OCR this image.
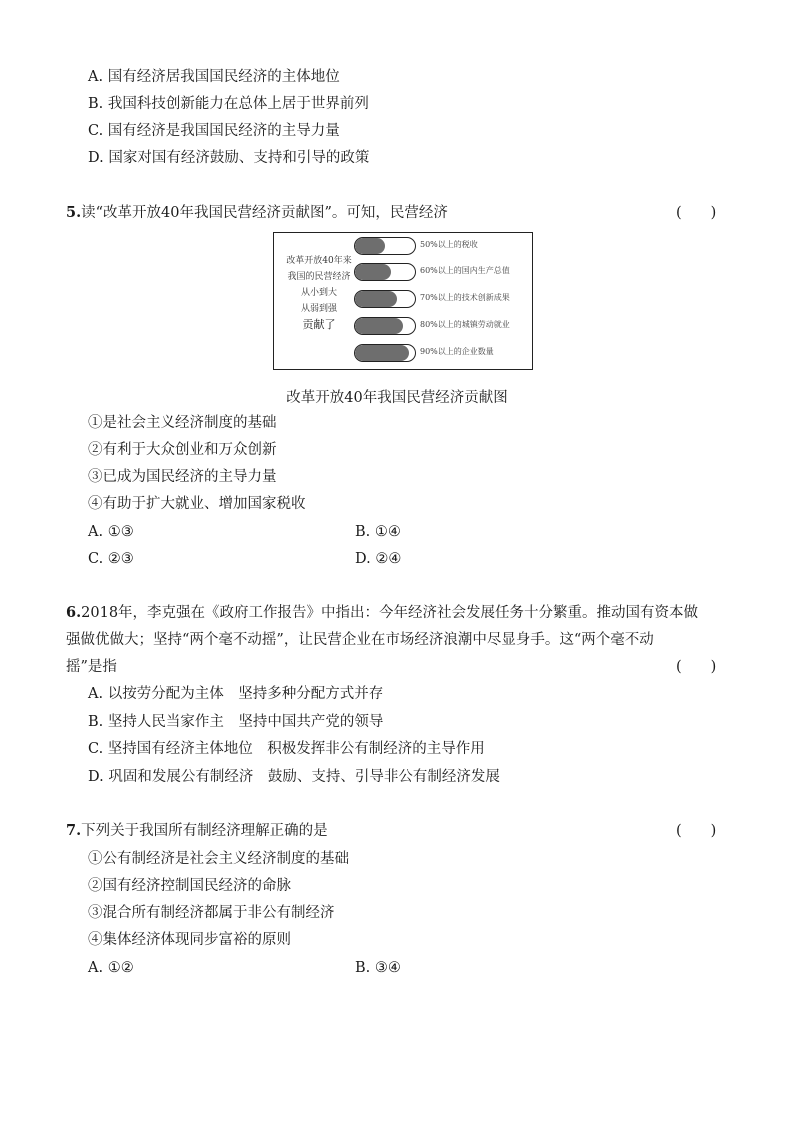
A. 国有经济居我国国民经济的主体地位
B. 我国科技创新能力在总体上居于世界前列
C. 国有经济是我国国民经济的主导力量
D. 国家对国有经济鼓励、支持和引导的政策
5.读“改革开放40年我国民营经济贡献图”。可知，民营经济	(　　)
改革开放40年来
我国的民营经济
从小到大
从弱到强
贡献了
50%以上的税收
60%以上的国内生产总值
70%以上的技术创新成果
80%以上的城镇劳动就业
90%以上的企业数量
改革开放40年我国民营经济贡献图
①是社会主义经济制度的基础
②有利于大众创业和万众创新
③已成为国民经济的主导力量
④有助于扩大就业、增加国家税收
A. ①③	B. ①④
C. ②③	D. ②④
6.2018年，李克强在《政府工作报告》中指出：今年经济社会发展任务十分繁重。推动国有资本做
强做优做大；坚持“两个毫不动摇”，让民营企业在市场经济浪潮中尽显身手。这“两个毫不动
摇”是指	(　　)
A. 以按劳分配为主体　坚持多种分配方式并存
B. 坚持人民当家作主　坚持中国共产党的领导
C. 坚持国有经济主体地位　积极发挥非公有制经济的主导作用
D. 巩固和发展公有制经济　鼓励、支持、引导非公有制经济发展
7.下列关于我国所有制经济理解正确的是	(　　)
①公有制经济是社会主义经济制度的基础
②国有经济控制国民经济的命脉
③混合所有制经济都属于非公有制经济
④集体经济体现同步富裕的原则
A. ①②	B. ③④
